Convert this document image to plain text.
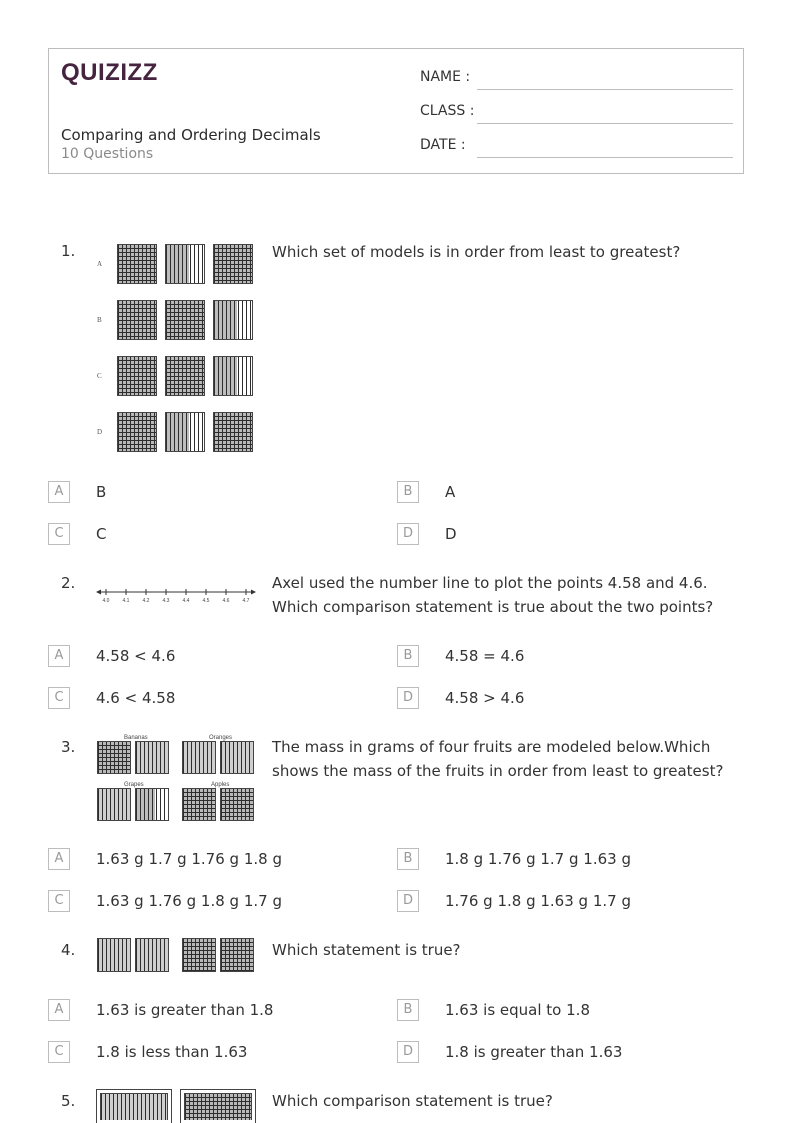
QUIZIZZ
Comparing and Ordering Decimals
10 Questions
NAME :
CLASS :
DATE :
1.
A
B
C
D
Which set of models is in order from least to greatest?
A	B	B	A
C	C	D	D
2.
4.0	4.1	4.2	4.3	4.4	4.5	4.6	4.7
Axel used the number line to plot the points 4.58 and 4.6. Which comparison statement is true about the two points?
A	4.58 < 4.6	B	4.58 = 4.6
C	4.6 < 4.58	D	4.58 > 4.6
3.	Bananas	Oranges
Grapes	Apples
The mass in grams of four fruits are modeled below.Which shows the mass of the fruits in order from least to greatest?
A	1.63 g 1.7 g 1.76 g 1.8 g	B	1.8 g 1.76 g 1.7 g 1.63 g
C	1.63 g 1.76 g 1.8 g 1.7 g	D	1.76 g 1.8 g 1.63 g 1.7 g
4.	Which statement is true?
A	1.63 is greater than 1.8	B	1.63 is equal to 1.8
C	1.8 is less than 1.63	D	1.8 is greater than 1.63
5.	Which comparison statement is true?
